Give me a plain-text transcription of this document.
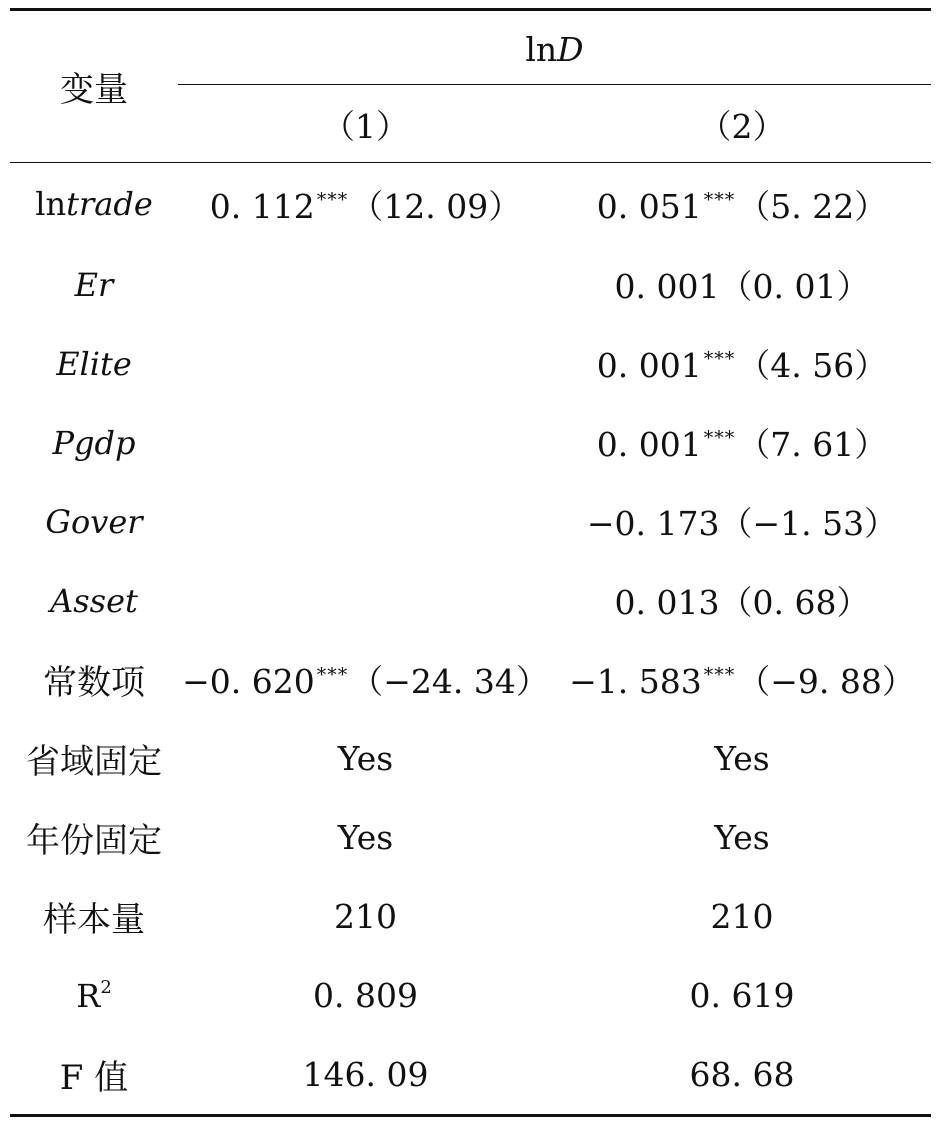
变量	lnD	
	（1）	（2）
lntrade	0. 112 ***（12. 09）	0. 051 ***（5. 22）
Er		0. 001（0. 01）
Elite		0. 001 ***（4. 56）
Pgdp		0. 001 ***（7. 61）
Gover		−0. 173（−1. 53）
Asset		0. 013（0. 68）
常数项	−0. 620 ***（−24. 34）	−1. 583 ***（−9. 88）
省域固定	Yes	Yes
年份固定	Yes	Yes
样本量	210	210
$R^2$	0. 809	0. 619
F 值	146. 09	68. 68
